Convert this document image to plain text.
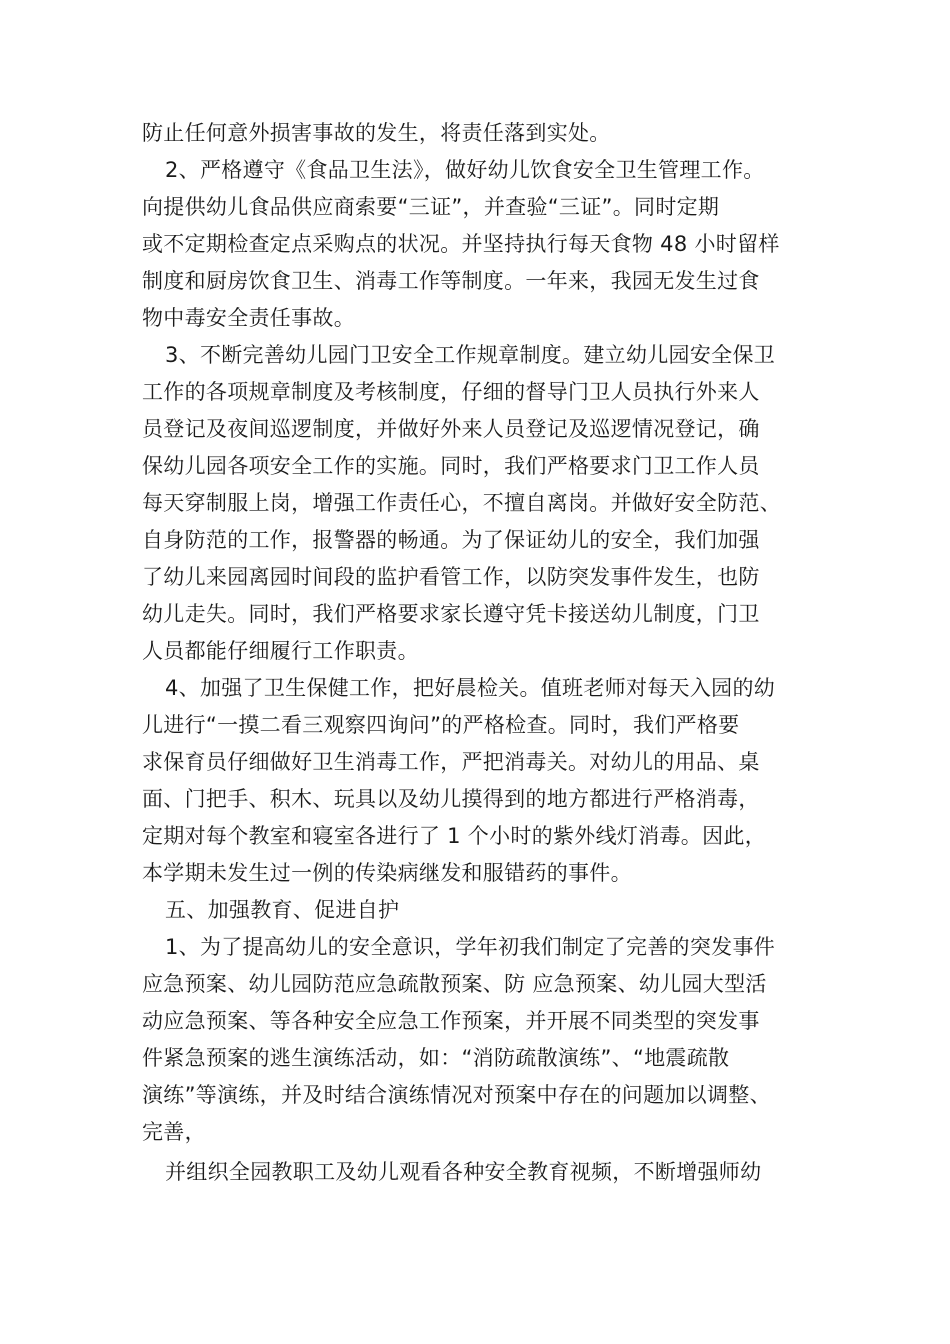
防止任何意外损害事故的发生，将责任落到实处。
2、严格遵守《食品卫生法》，做好幼儿饮食安全卫生管理工作。
向提供幼儿食品供应商索要“三证”，并查验“三证”。同时定期
或不定期检查定点采购点的状况。并坚持执行每天食物 48 小时留样
制度和厨房饮食卫生、消毒工作等制度。一年来，我园无发生过食
物中毒安全责任事故。
3、不断完善幼儿园门卫安全工作规章制度。建立幼儿园安全保卫
工作的各项规章制度及考核制度，仔细的督导门卫人员执行外来人
员登记及夜间巡逻制度，并做好外来人员登记及巡逻情况登记，确
保幼儿园各项安全工作的实施。同时，我们严格要求门卫工作人员
每天穿制服上岗，增强工作责任心，不擅自离岗。并做好安全防范、
自身防范的工作，报警器的畅通。为了保证幼儿的安全，我们加强
了幼儿来园离园时间段的监护看管工作，以防突发事件发生，也防
幼儿走失。同时，我们严格要求家长遵守凭卡接送幼儿制度，门卫
人员都能仔细履行工作职责。
4、加强了卫生保健工作，把好晨检关。值班老师对每天入园的幼
儿进行“一摸二看三观察四询问”的严格检查。同时，我们严格要
求保育员仔细做好卫生消毒工作，严把消毒关。对幼儿的用品、桌
面、门把手、积木、玩具以及幼儿摸得到的地方都进行严格消毒，
定期对每个教室和寝室各进行了 1 个小时的紫外线灯消毒。因此，
本学期未发生过一例的传染病继发和服错药的事件。
五、加强教育、促进自护
1、为了提高幼儿的安全意识，学年初我们制定了完善的突发事件
应急预案、幼儿园防范应急疏散预案、防 应急预案、幼儿园大型活
动应急预案、等各种安全应急工作预案，并开展不同类型的突发事
件紧急预案的逃生演练活动，如：“消防疏散演练”、“地震疏散
演练”等演练，并及时结合演练情况对预案中存在的问题加以调整、
完善，
并组织全园教职工及幼儿观看各种安全教育视频，不断增强师幼
